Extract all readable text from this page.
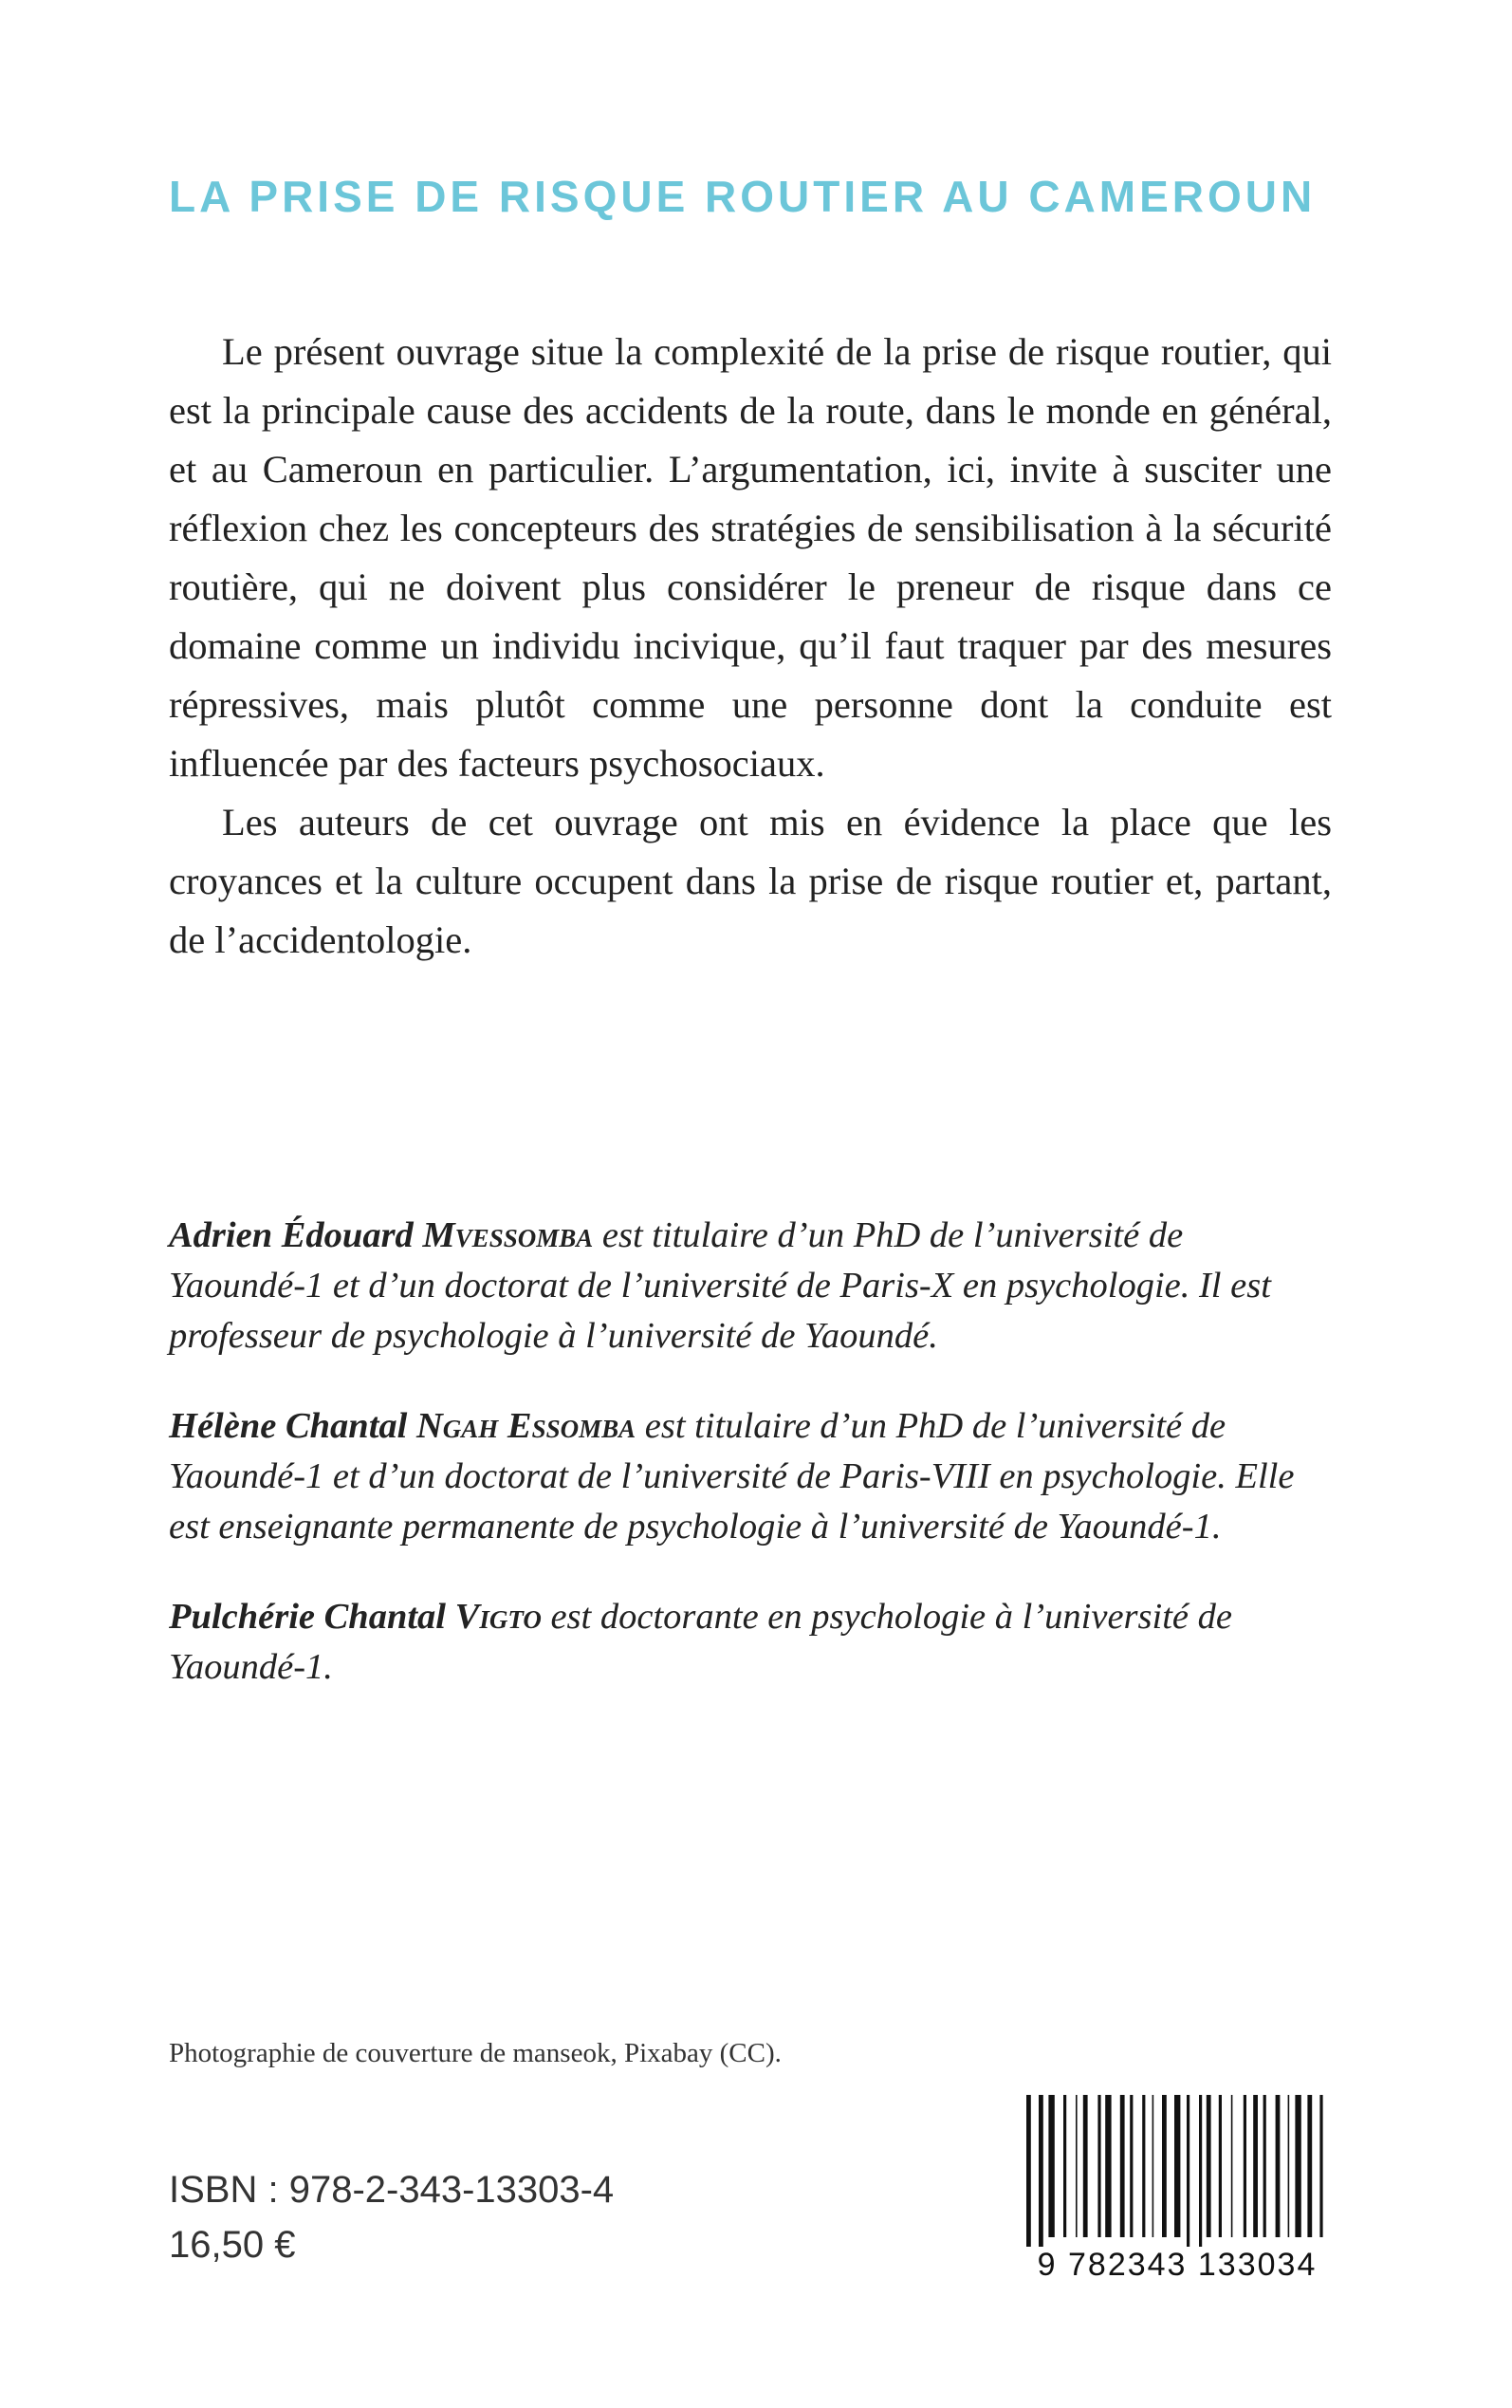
LA PRISE DE RISQUE ROUTIER AU CAMEROUN

Le présent ouvrage situe la complexité de la prise de risque routier, qui est la principale cause des accidents de la route, dans le monde en général, et au Cameroun en particulier. L’argumentation, ici, invite à susciter une réflexion chez les concepteurs des stratégies de sensibilisation à la sécurité routière, qui ne doivent plus considérer le preneur de risque dans ce domaine comme un individu incivique, qu’il faut traquer par des mesures répressives, mais plutôt comme une personne dont la conduite est influencée par des facteurs psychosociaux.

Les auteurs de cet ouvrage ont mis en évidence la place que les croyances et la culture occupent dans la prise de risque routier et, partant, de l’accidentologie.

Adrien Édouard Mvessomba est titulaire d’un PhD de l’université de Yaoundé-1 et d’un doctorat de l’université de Paris-X en psychologie. Il est professeur de psychologie à l’université de Yaoundé.

Hélène Chantal Ngah Essomba est titulaire d’un PhD de l’université de Yaoundé-1 et d’un doctorat de l’université de Paris-VIII en psychologie. Elle est enseignante permanente de psychologie à l’université de Yaoundé-1.

Pulchérie Chantal Vigto est doctorante en psychologie à l’université de Yaoundé-1.

Photographie de couverture de manseok, Pixabay (CC).
ISBN : 978-2-343-13303-4
16,50 €	9 782343 133034
